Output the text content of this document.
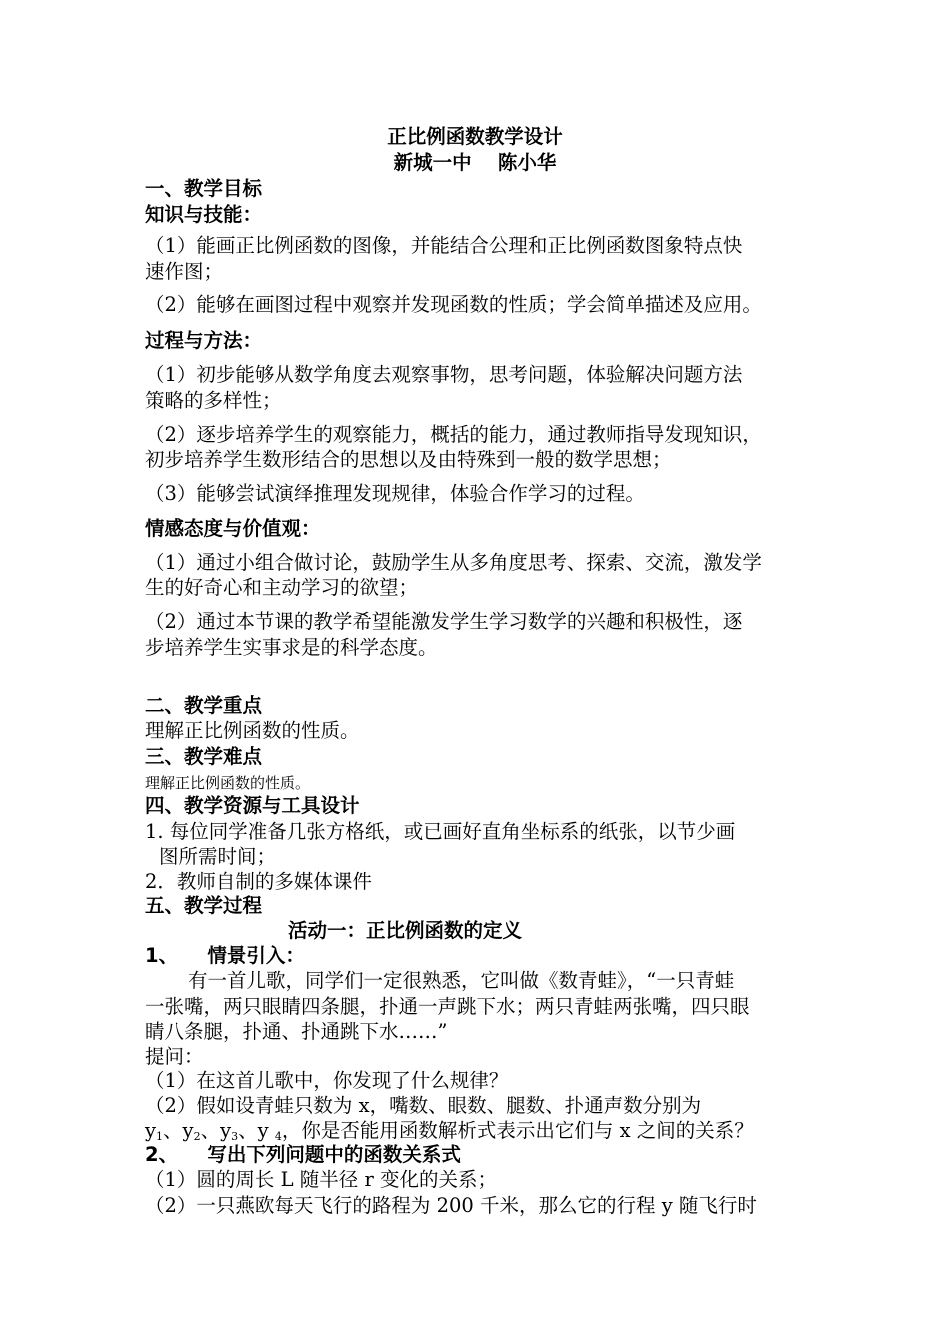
正比例函数教学设计
新城一中　 陈小华
一、教学目标
知识与技能：
（1）能画正比例函数的图像，并能结合公理和正比例函数图象特点快
速作图；
（2）能够在画图过程中观察并发现函数的性质；学会简单描述及应用。
过程与方法：
（1）初步能够从数学角度去观察事物，思考问题，体验解决问题方法
策略的多样性；
（2）逐步培养学生的观察能力，概括的能力，通过教师指导发现知识，
初步培养学生数形结合的思想以及由特殊到一般的数学思想；
（3）能够尝试演绎推理发现规律，体验合作学习的过程。
情感态度与价值观：
（1）通过小组合做讨论，鼓励学生从多角度思考、探索、交流，激发学
生的好奇心和主动学习的欲望；
（2）通过本节课的教学希望能激发学生学习数学的兴趣和积极性，逐
步培养学生实事求是的科学态度。
二、教学重点
理解正比例函数的性质。
三、教学难点
理解正比例函数的性质。
四、教学资源与工具设计
1. 每位同学准备几张方格纸，或已画好直角坐标系的纸张，以节少画
图所需时间；
2．教师自制的多媒体课件
五、教学过程
活动一：正比例函数的定义
1、　　情景引入：
有一首儿歌，同学们一定很熟悉，它叫做《数青蛙》，“一只青蛙
一张嘴，两只眼睛四条腿，扑通一声跳下水；两只青蛙两张嘴，四只眼
睛八条腿，扑通、扑通跳下水……”
提问：
（1）在这首儿歌中，你发现了什么规律？
（2）假如设青蛙只数为 x，嘴数、眼数、腿数、扑通声数分别为
$y_1$、$y_2$、$y_3$、y $_4$，你是否能用函数解析式表示出它们与 x 之间的关系？
2、　　写出下列问题中的函数关系式
（1）圆的周长 L 随半径 r 变化的关系；
（2）一只燕欧每天飞行的路程为 200 千米，那么它的行程 y 随飞行时
